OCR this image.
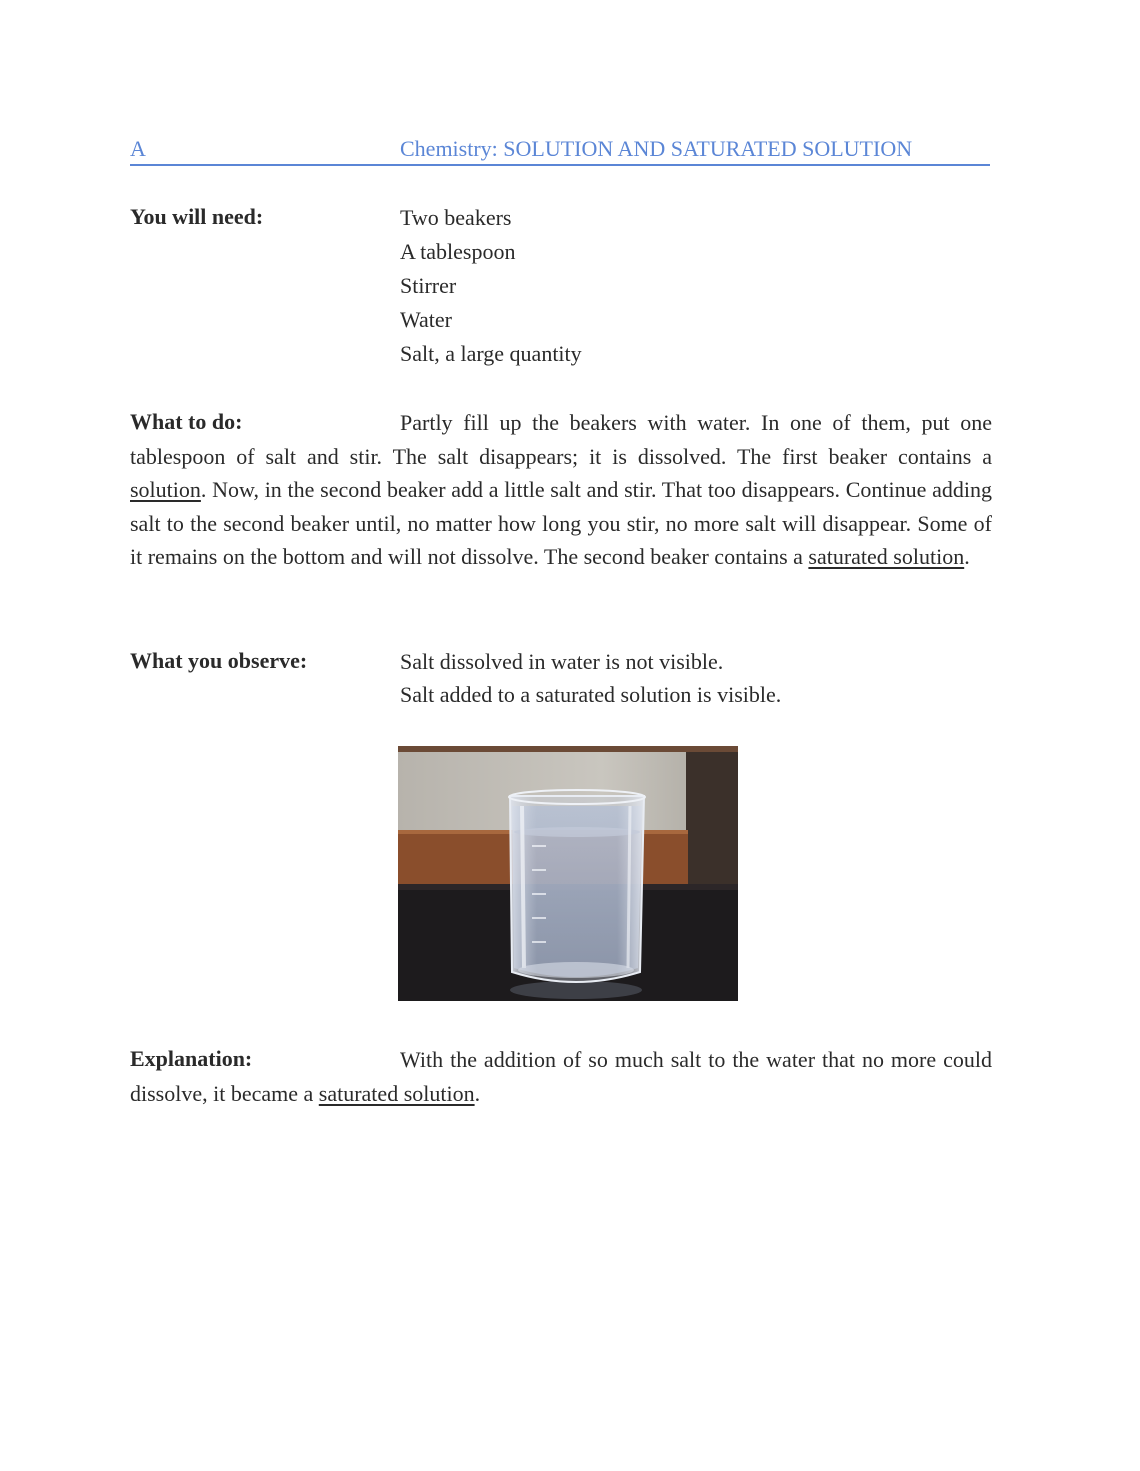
A	Chemistry: SOLUTION AND SATURATED SOLUTION
You will need:	Two beakers
A tablespoon
Stirrer
Water
Salt, a large quantity
What to do:	Partly fill up the beakers with water. In one of them, put one tablespoon of salt and stir. The salt disappears; it is dissolved. The first beaker contains a solution. Now, in the second beaker add a little salt and stir. That too disappears. Continue adding salt to the second beaker until, no matter how long you stir, no more salt will disappear. Some of it remains on the bottom and will not dissolve. The second beaker contains a saturated solution.

What you observe:	Salt dissolved in water is not visible.
Salt added to a saturated solution is visible.
Explanation:	With the addition of so much salt to the water that no more could dissolve, it became a saturated solution.
